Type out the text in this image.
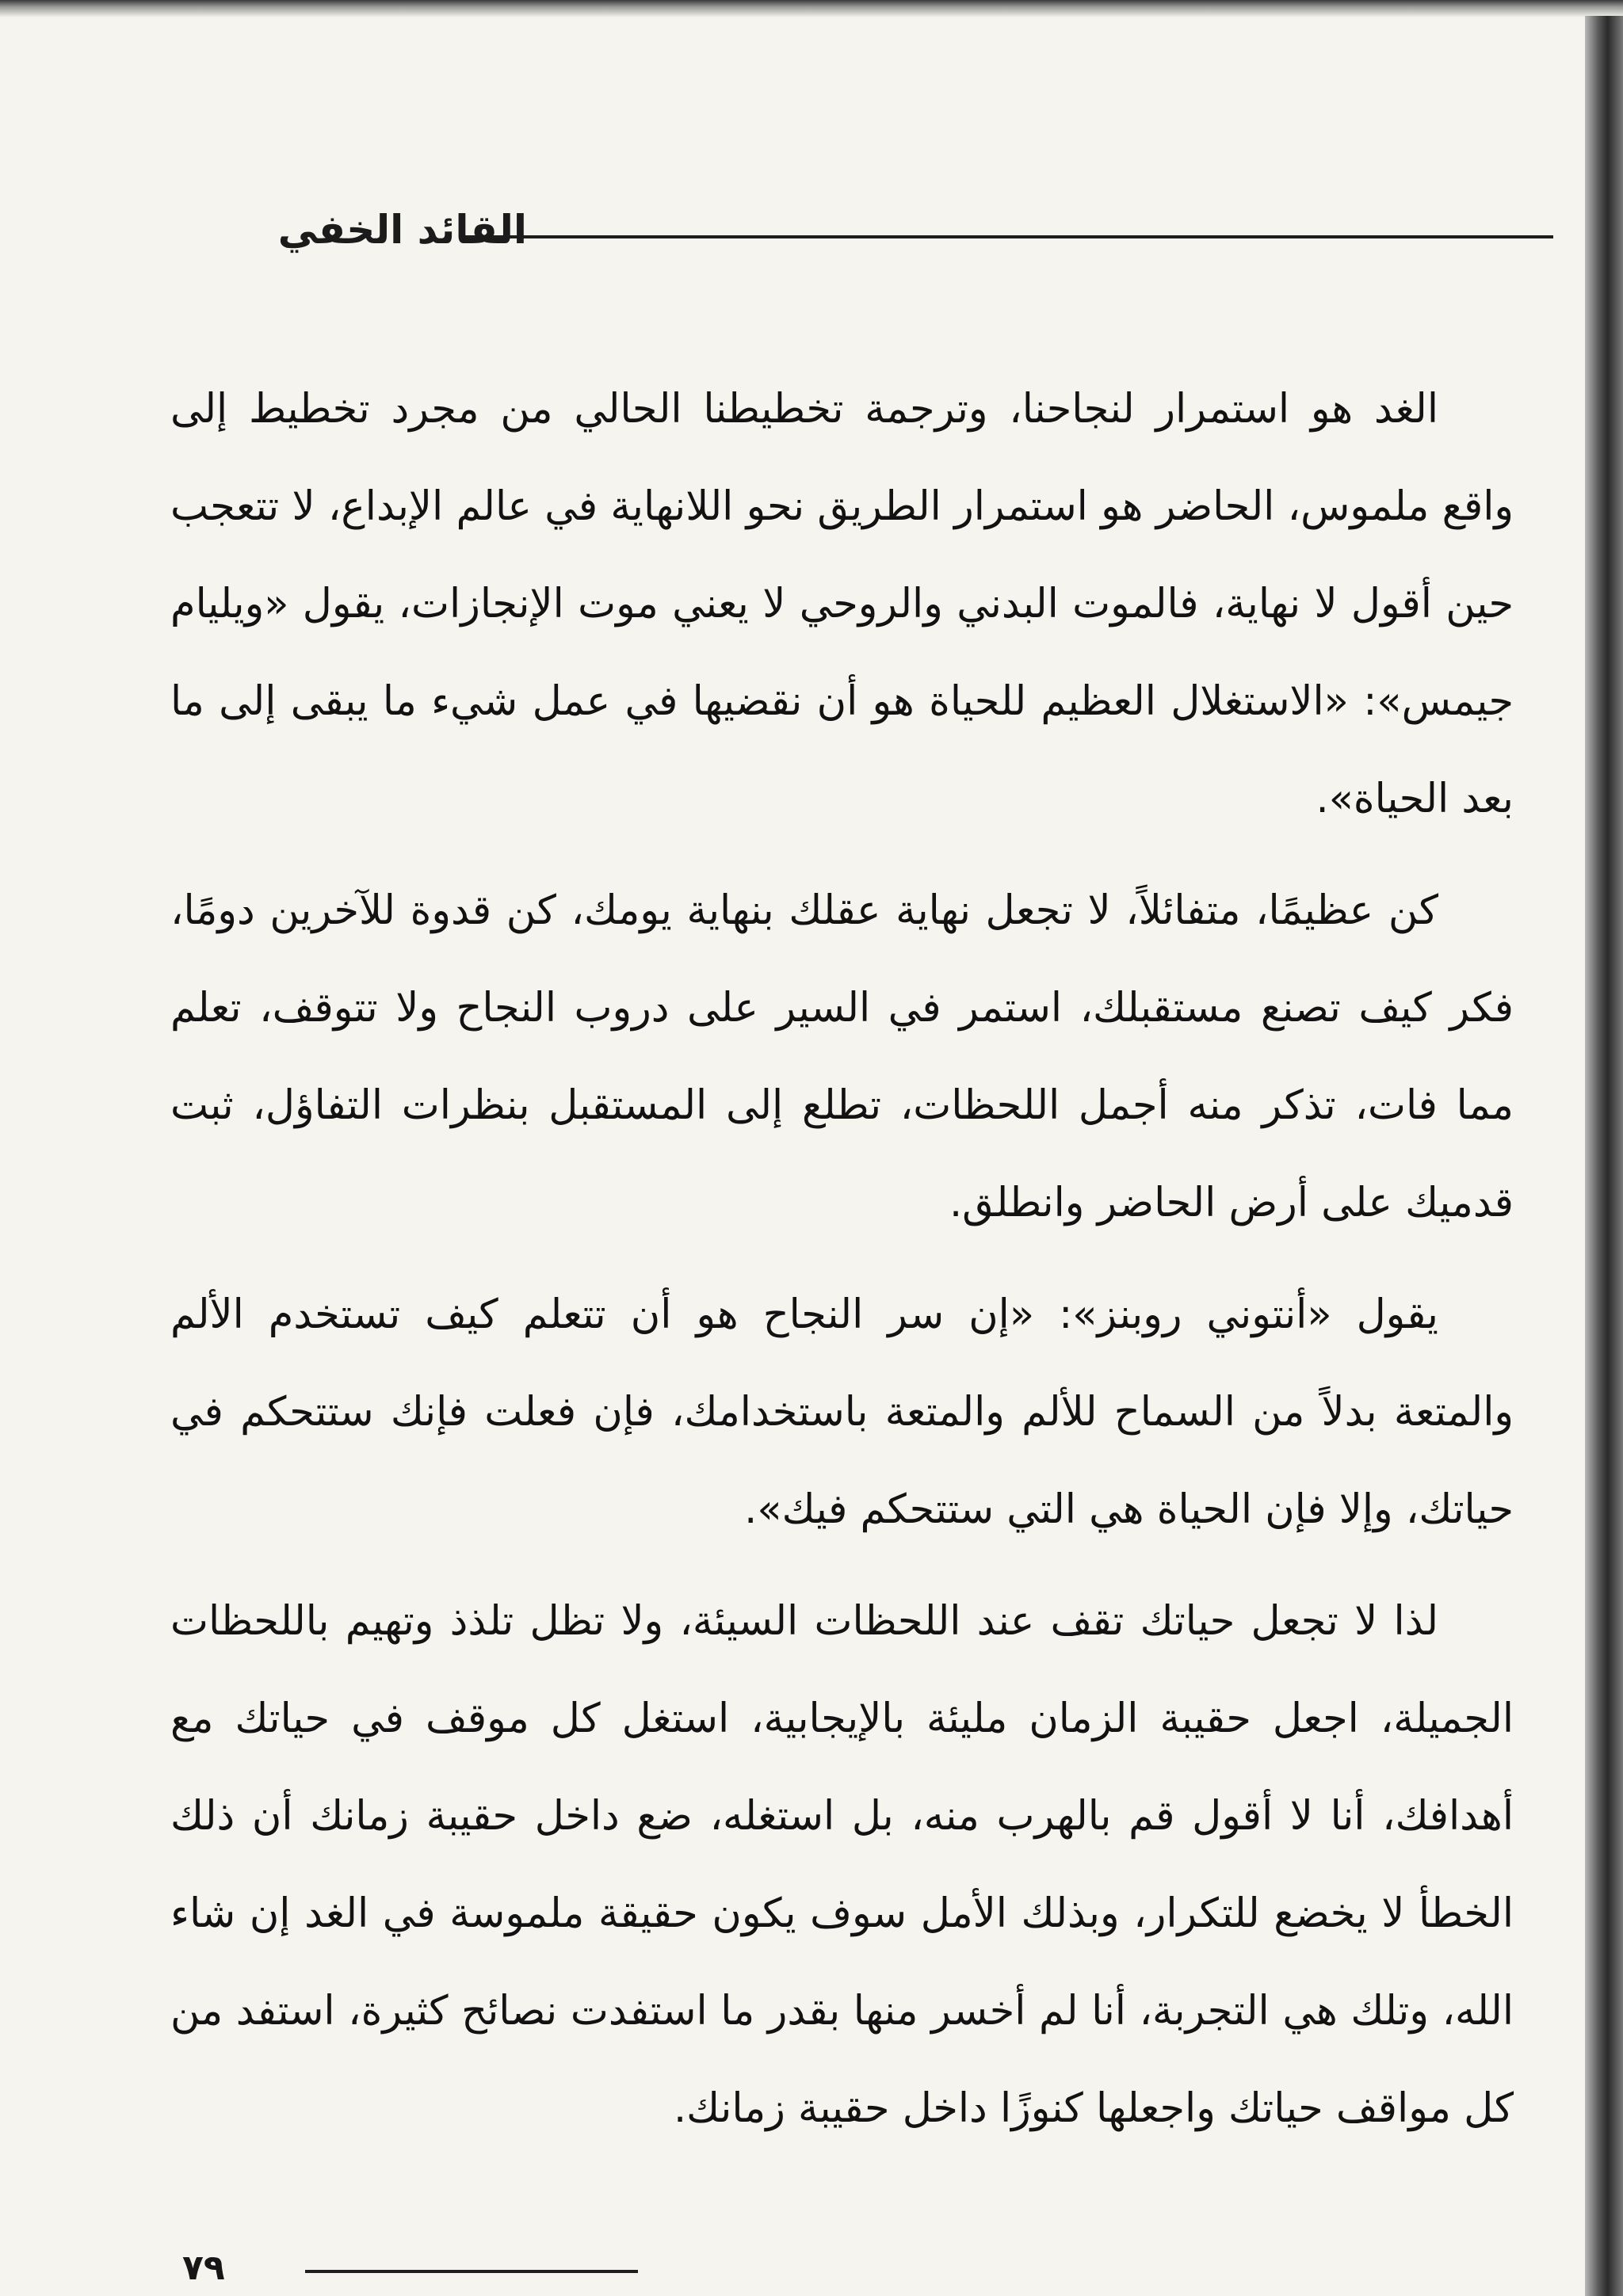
القائد الخفي

الغد هو استمرار لنجاحنا، وترجمة تخطيطنا الحالي من مجرد تخطيط إلى واقع ملموس، الحاضر هو استمرار الطريق نحو اللانهاية في عالم الإبداع، لا تتعجب حين أقول لا نهاية، فالموت البدني والروحي لا يعني موت الإنجازات، يقول «ويليام جيمس»: «الاستغلال العظيم للحياة هو أن نقضيها في عمل شيء ما يبقى إلى ما بعد الحياة».

كن عظيمًا، متفائلاً، لا تجعل نهاية عقلك بنهاية يومك، كن قدوة للآخرين دومًا، فكر كيف تصنع مستقبلك، استمر في السير على دروب النجاح ولا تتوقف، تعلم مما فات، تذكر منه أجمل اللحظات، تطلع إلى المستقبل بنظرات التفاؤل، ثبت قدميك على أرض الحاضر وانطلق.

يقول «أنتوني روبنز»: «إن سر النجاح هو أن تتعلم كيف تستخدم الألم والمتعة بدلاً من السماح للألم والمتعة باستخدامك، فإن فعلت فإنك ستتحكم في حياتك، وإلا فإن الحياة هي التي ستتحكم فيك».

لذا لا تجعل حياتك تقف عند اللحظات السيئة، ولا تظل تلذذ وتهيم باللحظات الجميلة، اجعل حقيبة الزمان مليئة بالإيجابية، استغل كل موقف في حياتك مع أهدافك، أنا لا أقول قم بالهرب منه، بل استغله، ضع داخل حقيبة زمانك أن ذلك الخطأ لا يخضع للتكرار، وبذلك الأمل سوف يكون حقيقة ملموسة في الغد إن شاء الله، وتلك هي التجربة، أنا لم أخسر منها بقدر ما استفدت نصائح كثيرة، استفد من كل مواقف حياتك واجعلها كنوزًا داخل حقيبة زمانك.

٧٩
